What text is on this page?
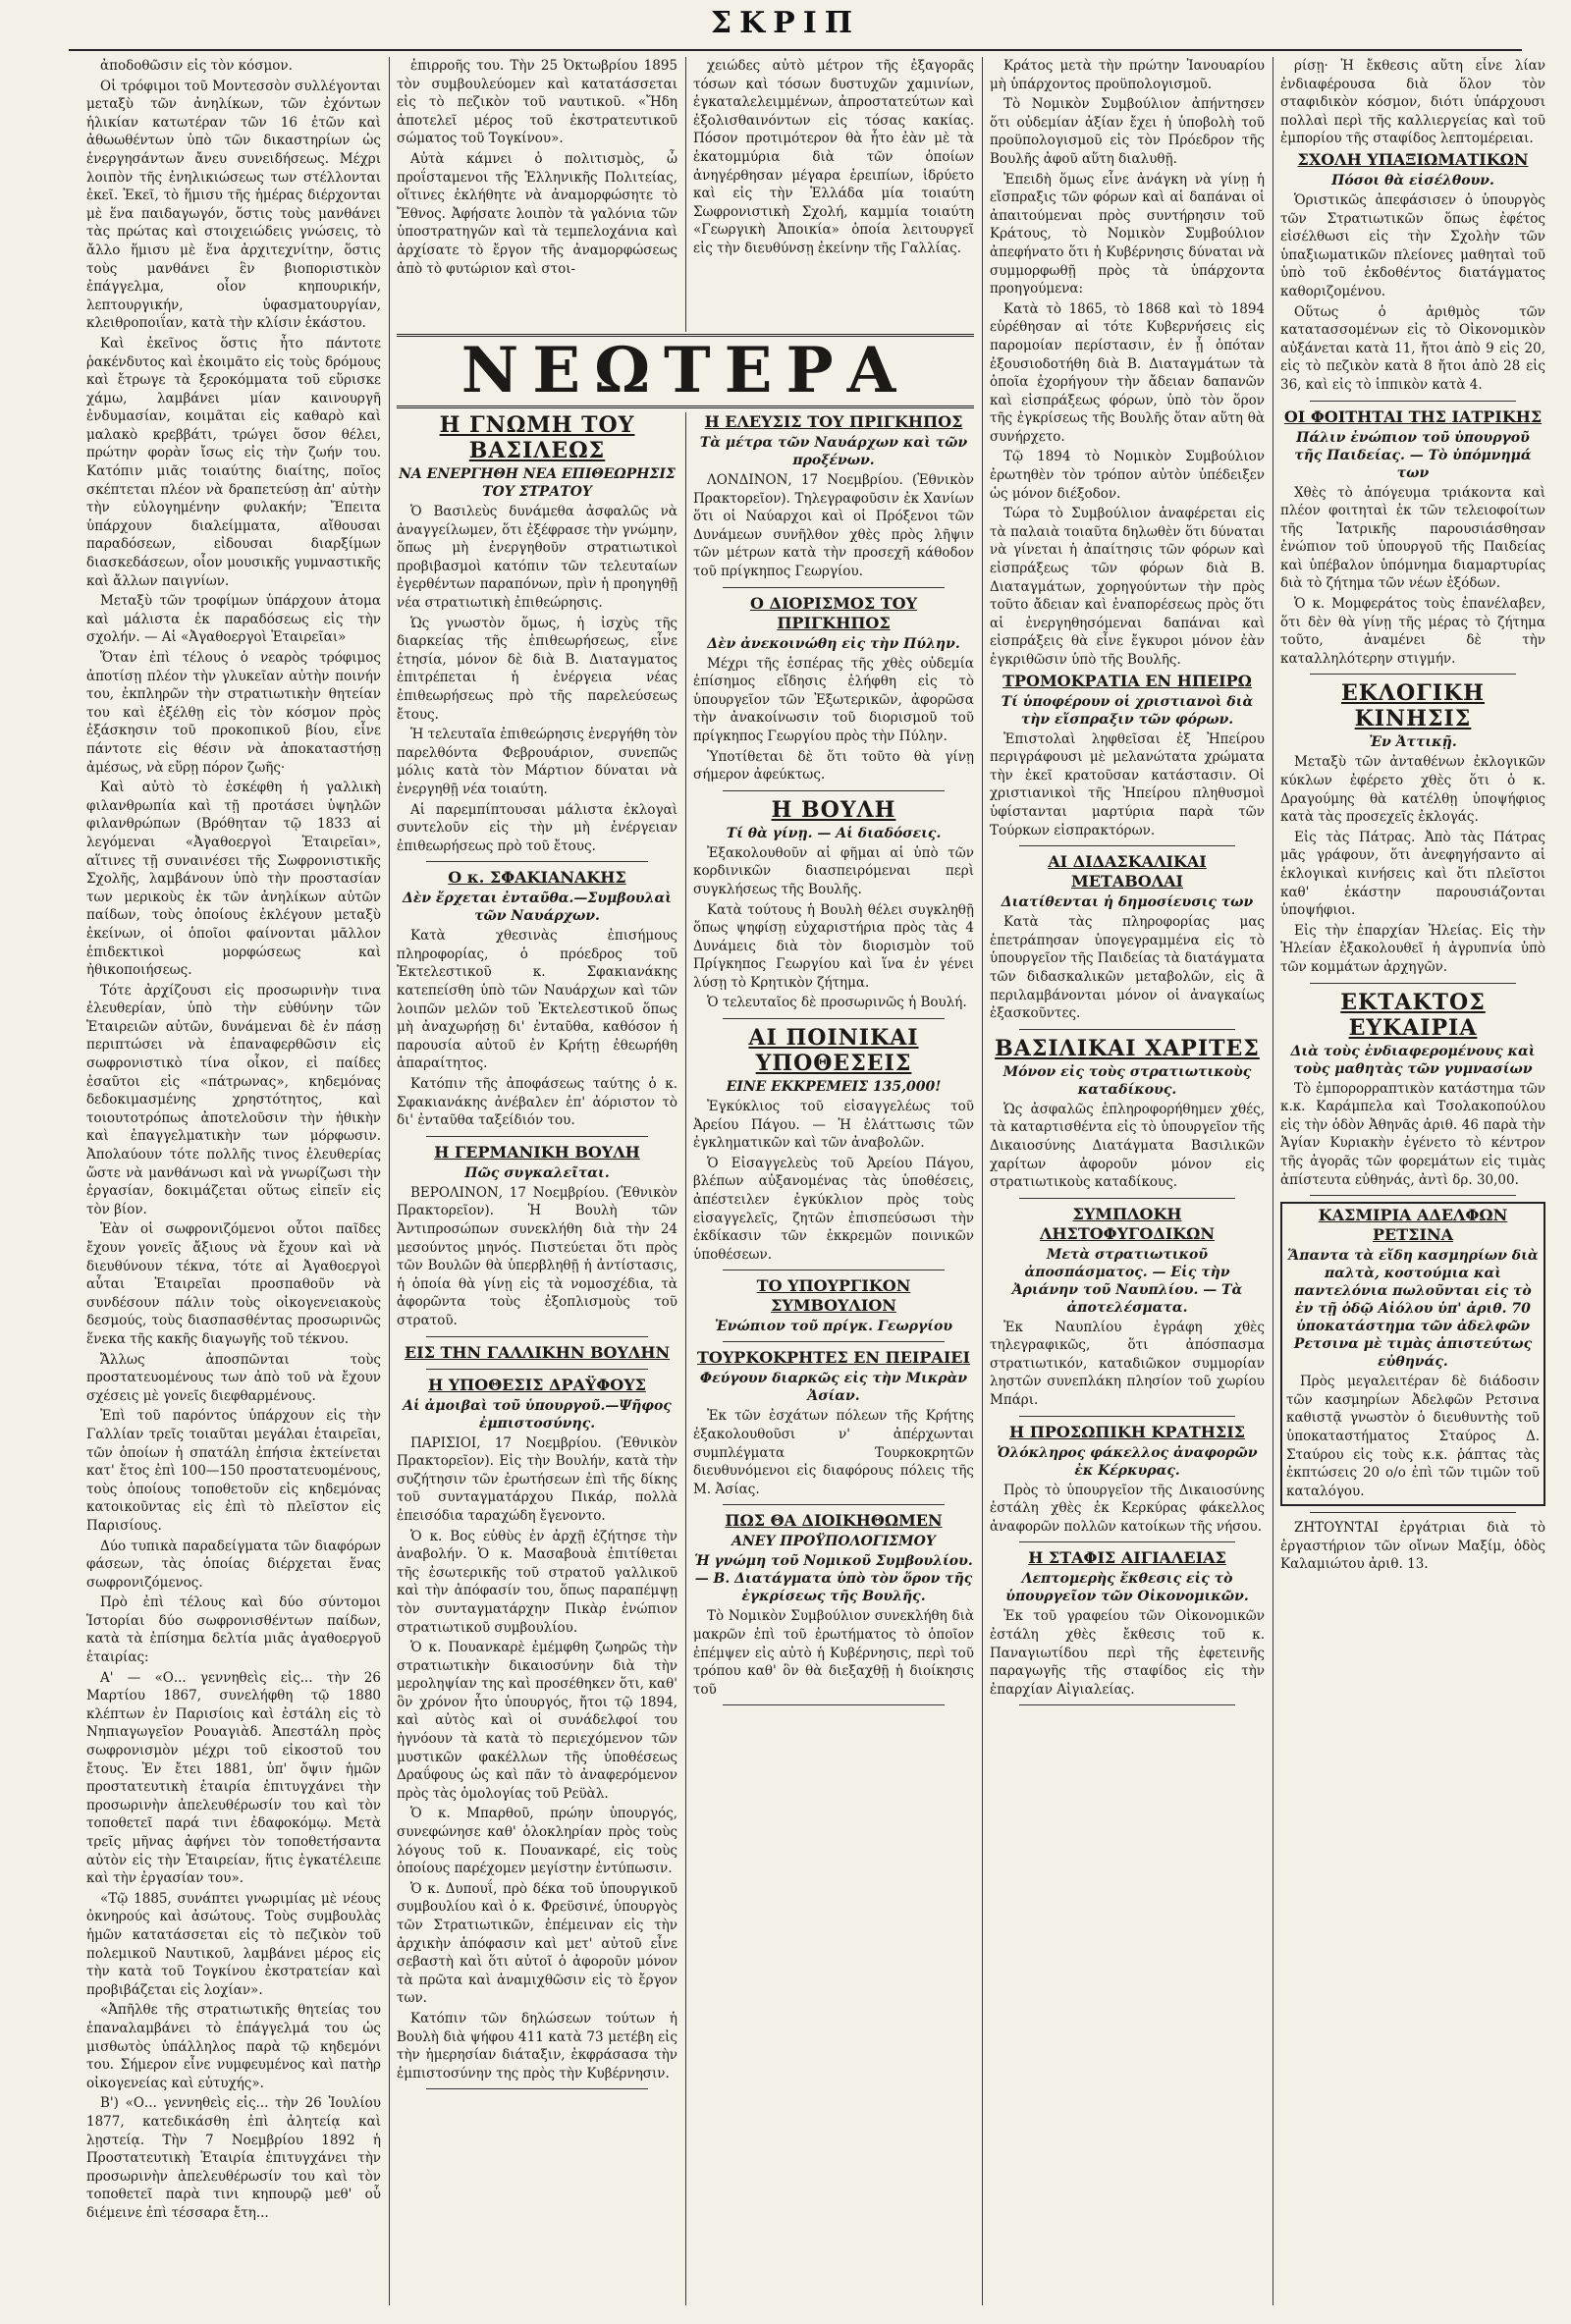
ΣΚΡΙΠ

ἀποδοθῶσιν εἰς τὸν κόσμον.

Οἱ τρόφιμοι τοῦ Μοντεσσὸν συλλέγονται μεταξὺ τῶν ἀνηλίκων, τῶν ἐχόντων ἡλικίαν κατωτέραν τῶν 16 ἐτῶν καὶ ἀθωωθέντων ὑπὸ τῶν δικαστηρίων ὡς ἐνεργησάντων ἄνευ συνειδήσεως. Μέχρι λοιπὸν τῆς ἐνηλικιώσεως των στέλλονται ἐκεῖ. Ἐκεῖ, τὸ ἥμισυ τῆς ἡμέρας διέρχονται μὲ ἕνα παιδαγωγόν, ὅστις τοὺς μανθάνει τὰς πρώτας καὶ στοιχειώδεις γνώσεις, τὸ ἄλλο ἥμισυ μὲ ἕνα ἀρχιτεχνίτην, ὅστις τοὺς μανθάνει ἓν βιοποριστικὸν ἐπάγγελμα, οἷον κηπουρικήν, λεπτουργικήν, ὑφασματουργίαν, κλειθροποιΐαν, κατὰ τὴν κλίσιν ἑκάστου.

Καὶ ἐκεῖνος ὅστις ἦτο πάντοτε ῥακένδυτος καὶ ἐκοιμᾶτο εἰς τοὺς δρόμους καὶ ἔτρωγε τὰ ξεροκόμματα τοῦ εὕρισκε χάμω, λαμβάνει μίαν καινουργῆ ἐνδυμασίαν, κοιμᾶται εἰς καθαρὸ καὶ μαλακὸ κρεββάτι, τρώγει ὅσον θέλει, πρώτην φορὰν ἴσως εἰς τὴν ζωήν του. Κατόπιν μιᾶς τοιαύτης διαίτης, ποῖος σκέπτεται πλέον νὰ δραπετεύσῃ ἀπ' αὐτὴν τὴν εὐλογημένην φυλακήν; Ἔπειτα ὑπάρχουν διαλείμματα, αἴθουσαι παραδόσεων, εἰδουσαι διαρξίμων διασκεδάσεων, οἷον μουσικῆς γυμναστικῆς καὶ ἄλλων παιγνίων.

Μεταξὺ τῶν τροφίμων ὑπάρχουν ἀτομα καὶ μάλιστα ἐκ παραδόσεως εἰς τὴν σχολήν. — Αἱ «Ἀγαθοεργοὶ Ἑταιρεῖαι»

Ὅταν ἐπὶ τέλους ὁ νεαρὸς τρόφιμος ἀποτίσῃ πλέον τὴν γλυκεῖαν αὐτὴν ποινήν του, ἐκπληρῶν τὴν στρατιωτικὴν θητείαν του καὶ ἐξέλθῃ εἰς τὸν κόσμον πρὸς ἐξάσκησιν τοῦ προκοπικοῦ βίου, εἶνε πάντοτε εἰς θέσιν νὰ ἀποκαταστήσῃ ἀμέσως, νὰ εὕρῃ πόρον ζωῆς·

Καὶ αὐτὸ τὸ ἐσκέφθη ἡ γαλλικὴ φιλανθρωπία καὶ τῇ προτάσει ὑψηλῶν φιλανθρώπων (Βρόθηταν τῷ 1833 αἱ λεγόμεναι «Ἀγαθοεργοὶ Ἑταιρεῖαι», αἵτινες τῇ συναινέσει τῆς Σωφρονιστικῆς Σχολῆς, λαμβάνουν ὑπὸ τὴν προστασίαν των μερικοὺς ἐκ τῶν ἀνηλίκων αὐτῶν παίδων, τοὺς ὁποίους ἐκλέγουν μεταξὺ ἐκείνων, οἱ ὁποῖοι φαίνονται μᾶλλον ἐπιδεκτικοὶ μορφώσεως καὶ ἠθικοποιήσεως.

Τότε ἀρχίζουσι εἰς προσωρινὴν τινα ἐλευθερίαν, ὑπὸ τὴν εὐθύνην τῶν Ἑταιρειῶν αὐτῶν, δυνάμεναι δὲ ἐν πάσῃ περιπτώσει νὰ ἐπαναφερθῶσιν εἰς σωφρονιστικὸ τίνα οἶκον, εἰ παίδες ἐσαῦτοι εἰς «πάτρωνας», κηδεμόνας δεδοκιμασμένης χρηστότητος, καὶ τοιουτοτρόπως ἀποτελοῦσιν τὴν ἠθικὴν καὶ ἐπαγγελματικὴν των μόρφωσιν. Ἀπολαύουν τότε πολλῆς τινος ἐλευθερίας ὥστε νὰ μανθάνωσι καὶ νὰ γνωρίζωσι τὴν ἐργασίαν, δοκιμάζεται οὕτως εἰπεῖν εἰς τὸν βίον.

Ἐὰν οἱ σωφρονιζόμενοι οὗτοι παῖδες ἔχουν γονεῖς ἄξιους νὰ ἔχουν καὶ νὰ διευθύνουν τέκνα, τότε αἱ Ἀγαθοεργοὶ αὗται Ἑταιρεῖαι προσπαθοῦν νὰ συνδέσουν πάλιν τοὺς οἰκογενειακοὺς δεσμούς, τοὺς διασπασθέντας προσωρινῶς ἕνεκα τῆς κακῆς διαγωγῆς τοῦ τέκνου.

Ἄλλως ἀποσπῶνται τοὺς προστατευομένους των ἀπὸ τοῦ νὰ ἔχουν σχέσεις μὲ γονεῖς διεφθαρμένους.

Ἐπὶ τοῦ παρόντος ὑπάρχουν εἰς τὴν Γαλλίαν τρεῖς τοιαῦται μεγάλαι ἑταιρεῖαι, τῶν ὁποίων ἡ σπατάλη ἐπήσια ἐκτείνεται κατ' ἔτος ἐπὶ 100—150 προστατευομένους, τοὺς ὁποίους τοποθετοῦν εἰς κηδεμόνας κατοικοῦντας εἰς ἐπὶ τὸ πλεῖστον εἰς Παρισίους.

Δύο τυπικὰ παραδείγματα τῶν διαφόρων φάσεων, τὰς ὁποίας διέρχεται ἕνας σωφρονιζόμενος.

Πρὸ ἐπὶ τέλους καὶ δύο σύντομοι Ἱστορίαι δύο σωφρονισθέντων παίδων, κατὰ τὰ ἐπίσημα δελτία μιᾶς ἀγαθοεργοῦ ἑταιρίας:

Α' — «Ο... γεννηθεὶς εἰς... τὴν 26 Μαρτίου 1867, συνελήφθη τῷ 1880 κλέπτων ἐν Παρισίοις καὶ ἐστάλη εἰς τὸ Νηπιαγωγεῖον Ρουαγιὰδ. Ἀπεστάλη πρὸς σωφρονισμὸν μέχρι τοῦ εἰκοστοῦ του ἔτους. Ἐν ἔτει 1881, ὑπ' ὄψιν ἡμῶν προστατευτικὴ ἑταιρία ἐπιτυγχάνει τὴν προσωρινὴν ἀπελευθέρωσίν του καὶ τὸν τοποθετεῖ παρά τινι ἐδαφοκόμῳ. Μετὰ τρεῖς μῆνας ἀφήνει τὸν τοποθετήσαντα αὐτὸν εἰς τὴν Ἑταιρείαν, ἥτις ἐγκατέλειπε καὶ τὴν ἐργασίαν του».

«Τῷ 1885, συνάπτει γνωριμίας μὲ νέους ὀκνηρούς καὶ ἀσώτους. Τοὺς συμβουλὰς ἡμῶν κατατάσσεται εἰς τὸ πεζικὸν τοῦ πολεμικοῦ Ναυτικοῦ, λαμβάνει μέρος εἰς τὴν κατὰ τοῦ Τογκίνου ἐκστρατείαν καὶ προβιβάζεται εἰς λοχίαν».

«Ἀπῆλθε τῆς στρατιωτικῆς θητείας του ἐπαναλαμβάνει τὸ ἐπάγγελμά του ὡς μισθωτὸς ὑπάλληλος παρὰ τῷ κηδεμόνι του. Σήμερον εἶνε νυμφευμένος καὶ πατὴρ οἰκογενείας καὶ εὐτυχής».

Β') «Ο... γεννηθεὶς εἰς... τὴν 26 Ἰουλίου 1877, κατεδικάσθη ἐπὶ ἀλητείᾳ καὶ λῃστείᾳ. Τὴν 7 Νοεμβρίου 1892 ἡ Προστατευτικὴ Ἑταιρία ἐπιτυγχάνει τὴν προσωρινὴν ἀπελευθέρωσίν του καὶ τὸν τοποθετεῖ παρὰ τινι κηπουρῷ μεθ' οὗ διέμεινε ἐπὶ τέσσαρα ἔτη...

ἐπιρροῆς του. Τὴν 25 Ὀκτωβρίου 1895 τὸν συμβουλεύομεν καὶ κατατάσσεται εἰς τὸ πεζικὸν τοῦ ναυτικοῦ. «Ἤδη ἀποτελεῖ μέρος τοῦ ἐκστρατευτικοῦ σώματος τοῦ Τογκίνου».

Αὐτὰ κάμνει ὁ πολιτισμὸς, ὦ προΐσταμενοι τῆς Ἑλληνικῆς Πολιτείας, οἵτινες ἐκλήθητε νὰ ἀναμορφώσητε τὸ Ἔθνος. Ἀφήσατε λοιπὸν τὰ γαλόνια τῶν ὑποστρατηγῶν καὶ τὰ τεμπελοχάνια καὶ ἀρχίσατε τὸ ἔργον τῆς ἀναμορφώσεως ἀπὸ τὸ φυτώριον καὶ στοι-

χειώδες αὐτὸ μέτρον τῆς ἐξαγορᾶς τόσων καὶ τόσων δυστυχῶν χαμινίων, ἐγκαταλελειμμένων, ἀπροστατεύτων καὶ ἐξολισθαινόντων εἰς τόσας κακίας. Πόσον προτιμότερον θὰ ἦτο ἐὰν μὲ τὰ ἑκατομμύρια διὰ τῶν ὁποίων ἀνηγέρθησαν μέγαρα ἐρειπίων, ἱδρύετο καὶ εἰς τὴν Ἑλλάδα μία τοιαύτη Σωφρονιστικὴ Σχολή, καμμία τοιαύτη «Γεωργικὴ Ἀποικία» ὁποία λειτουργεῖ εἰς τὴν διευθύνσῃ ἐκείνην τῆς Γαλλίας.

ΝΕΩΤΕΡΑ

Η ΓΝΩΜΗ ΤΟΥ ΒΑΣΙΛΕΩΣ

ΝΑ ΕΝΕΡΓΗΘΗ ΝΕΑ ΕΠΙΘΕΩΡΗΣΙΣ ΤΟΥ ΣΤΡΑΤΟΥ

Ὁ Βασιλεὺς δυνάμεθα ἀσφαλῶς νὰ ἀναγγείλωμεν, ὅτι ἐξέφρασε τὴν γνώμην, ὅπως μὴ ἐνεργηθοῦν στρατιωτικοὶ προβιβασμοὶ κατόπιν τῶν τελευταίων ἐγερθέντων παραπόνων, πρὶν ἡ προηγηθῇ νέα στρατιωτικὴ ἐπιθεώρησις.

Ὡς γνωστὸν ὅμως, ἡ ἰσχὺς τῆς διαρκείας τῆς ἐπιθεωρήσεως, εἶνε ἐτησία, μόνον δὲ διὰ Β. Διαταγματος ἐπιτρέπεται ἡ ἐνέργεια νέας ἐπιθεωρήσεως πρὸ τῆς παρελεύσεως ἔτους.

Ἡ τελευταῖα ἐπιθεώρησις ἐνεργήθη τὸν παρελθόντα Φεβρουάριον, συνεπῶς μόλις κατὰ τὸν Μάρτιον δύναται νὰ ἐνεργηθῇ νέα τοιαύτη.

Αἱ παρεμπίπτουσαι μάλιστα ἐκλογαὶ συντελοῦν εἰς τὴν μὴ ἐνέργειαν ἐπιθεωρήσεως πρὸ τοῦ ἔτους.

Ο κ. ΣΦΑΚΙΑΝΑΚΗΣ

Δὲν ἔρχεται ἐνταῦθα.—Συμβουλαὶ τῶν Ναυάρχων.

Κατὰ χθεσινὰς ἐπισήμους πληροφορίας, ὁ πρόεδρος τοῦ Ἐκτελεστικοῦ κ. Σφακιανάκης κατεπείσθη ὑπὸ τῶν Ναυάρχων καὶ τῶν λοιπῶν μελῶν τοῦ Ἐκτελεστικοῦ ὅπως μὴ ἀναχωρήσῃ δι' ἐνταῦθα, καθόσον ἡ παρουσία αὐτοῦ ἐν Κρήτῃ ἐθεωρήθη ἀπαραίτητος.

Κατόπιν τῆς ἀποφάσεως ταύτης ὁ κ. Σφακιανάκης ἀνέβαλεν ἐπ' ἀόριστον τὸ δι' ἐνταῦθα ταξείδιόν του.

Η ΓΕΡΜΑΝΙΚΗ ΒΟΥΛΗ

Πῶς συγκαλεῖται.

ΒΕΡΟΛΙΝΟΝ, 17 Νοεμβρίου. (Ἑθνικὸν Πρακτορεῖον). Ἡ Βουλὴ τῶν Ἀντιπροσώπων συνεκλήθη διὰ τὴν 24 μεσούντος μηνός. Πιστεύεται ὅτι πρὸς τῶν Βουλῶν θὰ ὑπερβληθῇ ἡ ἀντίστασις, ἡ ὁποία θὰ γίνῃ εἰς τὰ νομοσχέδια, τὰ ἀφορῶντα τοὺς ἐξοπλισμοὺς τοῦ στρατοῦ.

ΕΙΣ ΤΗΝ ΓΑΛΛΙΚΗΝ ΒΟΥΛΗΝ

Η ΥΠΟΘΕΣΙΣ ΔΡΑΫΦΟΥΣ

Αἱ ἀμοιβαὶ τοῦ ὑπουργοῦ.—Ψῆφος ἐμπιστοσύνης.

ΠΑΡΙΣΙΟΙ, 17 Νοεμβρίου. (Ἑθνικὸν Πρακτορεῖον). Εἰς τὴν Βουλήν, κατὰ τὴν συζήτησιν τῶν ἐρωτήσεων ἐπὶ τῆς δίκης τοῦ συνταγματάρχου Πικάρ, πολλὰ ἐπεισόδια ταραχώδη ἔγενοντο.

Ὁ κ. Βος εὑθὺς ἐν ἀρχῇ ἐζήτησε τὴν ἀναβολήν. Ὁ κ. Μασαβουὰ ἐπιτίθεται τῆς ἐσωτερικῆς τοῦ στρατοῦ γαλλικοῦ καὶ τὴν ἀπόφασίν του, ὅπως παραπέμψῃ τὸν συνταγματάρχην Πικὰρ ἐνώπιον στρατιωτικοῦ συμβουλίου.

Ὁ κ. Πουανκαρὲ ἐμέμφθη ζωηρῶς τὴν στρατιωτικὴν δικαιοσύνην διὰ τὴν μεροληψίαν της καὶ προσέθηκεν ὅτι, καθ' ὃν χρόνον ἦτο ὑπουργός, ἤτοι τῷ 1894, καὶ αὐτὸς καὶ οἱ συνάδελφοί του ἠγνόουν τὰ κατὰ τὸ περιεχόμενον τῶν μυστικῶν φακέλλων τῆς ὑποθέσεως Δραΰφους ὡς καὶ πᾶν τὸ ἀναφερόμενον πρὸς τὰς ὁμολογίας τοῦ Ρεϋὰλ.

Ὁ κ. Μπαρθοῦ, πρώην ὑπουργός, συνεφώνησε καθ' ὁλοκληρίαν πρὸς τοὺς λόγους τοῦ κ. Πουανκαρέ, εἰς τοὺς ὁποίους παρέχομεν μεγίστην ἐντύπωσιν.

Ὁ κ. Δυπουΐ, πρὸ δέκα τοῦ ὑπουργικοῦ συμβουλίου καὶ ὁ κ. Φρεϋσινέ, ὑπουργὸς τῶν Στρατιωτικῶν, ἐπέμειναν εἰς τὴν ἀρχικὴν ἀπόφασιν καὶ μετ' αὐτοῦ εἶνε σεβαστὴ καὶ ὅτι αὐτοῖ ὁ ἀφοροῦν μόνον τὰ πρῶτα καὶ ἀναμιχθῶσιν εἰς τὸ ἔργον των.

Κατόπιν τῶν δηλώσεων τούτων ἡ Βουλὴ διὰ ψήφου 411 κατὰ 73 μετέβη εἰς τὴν ἡμερησίαν διάταξιν, ἐκφράσασα τὴν ἐμπιστοσύνην της πρὸς τὴν Κυβέρνησιν.

Η ΕΛΕΥΣΙΣ ΤΟΥ ΠΡΙΓΚΗΠΟΣ

Τὰ μέτρα τῶν Ναυάρχων καὶ τῶν προξένων.

ΛΟΝΔΙΝΟΝ, 17 Νοεμβρίου. (Ἑθνικὸν Πρακτορεῖον). Τηλεγραφοῦσιν ἐκ Χανίων ὅτι οἱ Ναύαρχοι καὶ οἱ Πρόξενοι τῶν Δυνάμεων συνῆλθον χθὲς πρὸς λῆψιν τῶν μέτρων κατὰ τὴν προσεχῆ κάθοδον τοῦ πρίγκηπος Γεωργίου.

Ο ΔΙΟΡΙΣΜΟΣ ΤΟΥ ΠΡΙΓΚΗΠΟΣ

Δὲν ἀνεκοινώθη εἰς τὴν Πύλην.

Μέχρι τῆς ἑσπέρας τῆς χθὲς οὐδεμία ἐπίσημος εἴδησις ἐλήφθη εἰς τὸ ὑπουργεῖον τῶν Ἐξωτερικῶν, ἀφορῶσα τὴν ἀνακοίνωσιν τοῦ διορισμοῦ τοῦ πρίγκηπος Γεωργίου πρὸς τὴν Πύλην.

Ὑποτίθεται δὲ ὅτι τοῦτο θὰ γίνῃ σήμερον ἀφεύκτως.

Η ΒΟΥΛΗ

Τί θὰ γίνῃ. — Αἱ διαδόσεις.

Ἐξακολουθοῦν αἱ φῆμαι αἱ ὑπὸ τῶν κορδινικῶν διασπειρόμεναι περὶ συγκλήσεως τῆς Βουλῆς.

Κατὰ τούτους ἡ Βουλὴ θέλει συγκληθῇ ὅπως ψηφίσῃ εὐχαριστήρια πρὸς τὰς 4 Δυνάμεις διὰ τὸν διορισμὸν τοῦ Πρίγκηπος Γεωργίου καὶ ἵνα ἐν γένει λύσῃ τὸ Κρητικὸν ζήτημα.

Ὁ τελευταῖος δὲ προσωρινῶς ἡ Βουλή.

ΑΙ ΠΟΙΝΙΚΑΙ ΥΠΟΘΕΣΕΙΣ

ΕΙΝΕ ΕΚΚΡΕΜΕΙΣ 135,000!

Ἐγκύκλιος τοῦ εἰσαγγελέως τοῦ Ἀρείου Πάγου. — Ἡ ἐλάττωσις τῶν ἐγκληματικῶν καὶ τῶν ἀναβολῶν.

Ὁ Εἰσαγγελεὺς τοῦ Ἀρείου Πάγου, βλέπων αὐξανομένας τὰς ὑποθέσεις, ἀπέστειλεν ἐγκύκλιον πρὸς τοὺς εἰσαγγελεῖς, ζητῶν ἐπισπεύσωσι τὴν ἐκδίκασιν τῶν ἐκκρεμῶν ποινικῶν ὑποθέσεων.

ΤΟ ΥΠΟΥΡΓΙΚΟΝ ΣΥΜΒΟΥΛΙΟΝ

Ἐνώπιον τοῦ πρίγκ. Γεωργίου

ΤΟΥΡΚΟΚΡΗΤΕΣ ΕΝ ΠΕΙΡΑΙΕΙ

Φεύγουν διαρκῶς εἰς τὴν Μικρὰν Ἀσίαν.

Ἐκ τῶν ἐσχάτων πόλεων τῆς Κρήτης ἐξακολουθοῦσι ν' ἀπέρχωνται συμπλέγματα Τουρκοκρητῶν διευθυνόμενοι εἰς διαφόρους πόλεις τῆς Μ. Ἀσίας.

ΠΩΣ ΘΑ ΔΙΟΙΚΗΘΩΜΕΝ

ΑΝΕΥ ΠΡΟΫΠΟΛΟΓΙΣΜΟΥ

Ἡ γνώμη τοῦ Νομικοῦ Συμβουλίου. — Β. Διατάγματα ὑπὸ τὸν ὅρον τῆς ἐγκρίσεως τῆς Βουλῆς.

Τὸ Νομικὸν Συμβούλιον συνεκλήθη διὰ μακρῶν ἐπὶ τοῦ ἐρωτήματος τὸ ὁποῖον ἐπέμψεν εἰς αὐτὸ ἡ Κυβέρνησις, περὶ τοῦ τρόπου καθ' ὃν θὰ διεξαχθῇ ἡ διοίκησις τοῦ

Κράτος μετὰ τὴν πρώτην Ἰανουαρίου μὴ ὑπάρχοντος προϋπολογισμοῦ.

Τὸ Νομικὸν Συμβούλιον ἀπήντησεν ὅτι οὐδεμίαν ἀξίαν ἔχει ἡ ὑποβολὴ τοῦ προϋπολογισμοῦ εἰς τὸν Πρόεδρον τῆς Βουλῆς ἀφοῦ αὕτη διαλυθῇ.

Ἐπειδὴ ὅμως εἶνε ἀνάγκη νὰ γίνῃ ἡ εἴσπραξις τῶν φόρων καὶ αἱ δαπάναι οἱ ἀπαιτούμεναι πρὸς συντήρησιν τοῦ Κράτους, τὸ Νομικὸν Συμβούλιον ἀπεφήνατο ὅτι ἡ Κυβέρνησις δύναται νὰ συμμορφωθῇ πρὸς τὰ ὑπάρχοντα προηγούμενα:

Κατὰ τὸ 1865, τὸ 1868 καὶ τὸ 1894 εὑρέθησαν αἱ τότε Κυβερνήσεις εἰς παρομοίαν περίστασιν, ἐν ᾗ ὁπόταν ἐξουσιοδοτήθη διὰ Β. Διαταγμάτων τὰ ὁποῖα ἐχορήγουν τὴν ἄδειαν δαπανῶν καὶ εἰσπράξεως φόρων, ὑπὸ τὸν ὅρον τῆς ἐγκρίσεως τῆς Βουλῆς ὅταν αὕτη θὰ συνήρχετο.

Τῷ 1894 τὸ Νομικὸν Συμβούλιον ἐρωτηθὲν τὸν τρόπον αὐτὸν ὑπέδειξεν ὡς μόνον διέξοδον.

Τώρα τὸ Συμβούλιον ἀναφέρεται εἰς τὰ παλαιὰ τοιαῦτα δηλωθὲν ὅτι δύναται νὰ γίνεται ἡ ἀπαίτησις τῶν φόρων καὶ εἰσπράξεως τῶν φόρων διὰ Β. Διαταγμάτων, χορηγούντων τὴν πρὸς τοῦτο ἄδειαν καὶ ἐναπορέσεως πρὸς ὅτι αἱ ἐνεργηθησόμεναι δαπάναι καὶ εἰσπράξεις θὰ εἶνε ἔγκυροι μόνον ἐὰν ἐγκριθῶσιν ὑπὸ τῆς Βουλῆς.

ΤΡΟΜΟΚΡΑΤΙΑ ΕΝ ΗΠΕΙΡΩ

Τί ὑποφέρουν οἱ χριστιανοὶ διὰ τὴν εἴσπραξιν τῶν φόρων.

Ἐπιστολαὶ ληφθεῖσαι ἐξ Ἠπείρου περιγράφουσι μὲ μελανώτατα χρώματα τὴν ἐκεῖ κρατοῦσαν κατάστασιν. Οἱ χριστιανικοὶ τῆς Ἠπείρου πληθυσμοὶ ὑφίστανται μαρτύρια παρὰ τῶν Τούρκων εἰσπρακτόρων.

ΑΙ ΔΙΔΑΣΚΑΛΙΚΑΙ ΜΕΤΑΒΟΛΑΙ

Διατίθενται ἡ δημοσίευσις των

Κατὰ τὰς πληροφορίας μας ἑπετράπησαν ὑπογεγραμμένα εἰς τὸ ὑπουργεῖον τῆς Παιδείας τὰ διατάγματα τῶν διδασκαλικῶν μεταβολῶν, εἰς ἃ περιλαμβάνονται μόνον οἱ ἀναγκαίως ἐξασκοῦντες.

ΒΑΣΙΛΙΚΑΙ ΧΑΡΙΤΕΣ

Μόνον εἰς τοὺς στρατιωτικοὺς καταδίκους.

Ὡς ἀσφαλῶς ἐπληροφορήθημεν χθές, τὰ καταρτισθέντα εἰς τὸ ὑπουργεῖον τῆς Δικαιοσύνης Διατάγματα Βασιλικῶν χαρίτων ἀφοροῦν μόνον εἰς στρατιωτικοὺς καταδίκους.

ΣΥΜΠΛΟΚΗ ΛΗΣΤΟΦΥΓΟΔΙΚΩΝ

Μετὰ στρατιωτικοῦ ἀποσπάσματος. — Εἰς τὴν Ἀριάνην τοῦ Ναυπλίου. — Τὰ ἀποτελέσματα.

Ἐκ Ναυπλίου ἐγράφη χθὲς τηλεγραφικῶς, ὅτι ἀπόσπασμα στρατιωτικόν, καταδιῶκον συμμορίαν ληστῶν συνεπλάκη πλησίον τοῦ χωρίου Μπάρι.

Η ΠΡΟΣΩΠΙΚΗ ΚΡΑΤΗΣΙΣ

Ὁλόκληρος φάκελλος ἀναφορῶν ἐκ Κέρκυρας.

Πρὸς τὸ ὑπουργεῖον τῆς Δικαιοσύνης ἐστάλη χθὲς ἐκ Κερκύρας φάκελλος ἀναφορῶν πολλῶν κατοίκων τῆς νήσου.

Η ΣΤΑΦΙΣ ΑΙΓΙΑΛΕΙΑΣ

Λεπτομερὴς ἔκθεσις εἰς τὸ ὑπουργεῖον τῶν Οἰκονομικῶν.

Ἐκ τοῦ γραφείου τῶν Οἰκονομικῶν ἐστάλη χθὲς ἔκθεσις τοῦ κ. Παναγιωτίδου περὶ τῆς ἐφετεινῆς παραγωγῆς τῆς σταφίδος εἰς τὴν ἐπαρχίαν Αἰγιαλείας.

ρίσῃ· Ἡ ἔκθεσις αὕτη εἶνε λίαν ἐνδιαφέρουσα διὰ ὅλον τὸν σταφιδικὸν κόσμον, διότι ὑπάρχουσι πολλαὶ περὶ τῆς καλλιεργείας καὶ τοῦ ἐμπορίου τῆς σταφίδος λεπτομέρειαι.

ΣΧΟΛΗ ΥΠΑΞΙΩΜΑΤΙΚΩΝ

Πόσοι θὰ εἰσέλθουν.

Ὁριστικῶς ἀπεφάσισεν ὁ ὑπουργὸς τῶν Στρατιωτικῶν ὅπως ἐφέτος εἰσέλθωσι εἰς τὴν Σχολὴν τῶν ὑπαξιωματικῶν πλείονες μαθηταὶ τοῦ ὑπὸ τοῦ ἐκδοθέντος διατάγματος καθοριζομένου.

Οὕτως ὁ ἀριθμὸς τῶν κατατασσομένων εἰς τὸ Οἰκονομικὸν αὐξάνεται κατὰ 11, ἤτοι ἀπὸ 9 εἰς 20, εἰς τὸ πεζικὸν κατὰ 8 ἤτοι ἀπὸ 28 εἰς 36, καὶ εἰς τὸ ἱππικὸν κατὰ 4.

ΟΙ ΦΟΙΤΗΤΑΙ ΤΗΣ ΙΑΤΡΙΚΗΣ

Πάλιν ἐνώπιον τοῦ ὑπουργοῦ τῆς Παιδείας. — Τὸ ὑπόμνημά των

Χθὲς τὸ ἀπόγευμα τριάκοντα καὶ πλέον φοιτηταὶ ἐκ τῶν τελειοφοίτων τῆς Ἰατρικῆς παρουσιάσθησαν ἐνώπιον τοῦ ὑπουργοῦ τῆς Παιδείας καὶ ὑπέβαλον ὑπόμνημα διαμαρτυρίας διὰ τὸ ζήτημα τῶν νέων ἐξόδων.

Ὁ κ. Μομφεράτος τοὺς ἐπανέλαβεν, ὅτι δὲν θὰ γίνῃ τῆς μέρας τὸ ζήτημα τοῦτο, ἀναμένει δὲ τὴν καταλληλότερην στιγμήν.

ΕΚΛΟΓΙΚΗ ΚΙΝΗΣΙΣ

Ἐν Ἀττικῇ.

Μεταξὺ τῶν ἀνταθένων ἐκλογικῶν κύκλων ἐφέρετο χθὲς ὅτι ὁ κ. Δραγούμης θὰ κατέλθῃ ὑποψήφιος κατὰ τὰς προσεχεῖς ἐκλογάς.

Εἰς τὰς Πάτρας. Ἀπὸ τὰς Πάτρας μᾶς γράφουν, ὅτι ἀνεφηγήσαντο αἱ ἐκλογικαὶ κινήσεις καὶ ὅτι πλεῖστοι καθ' ἑκάστην παρουσιάζονται ὑποψήφιοι.

Εἰς τὴν ἐπαρχίαν Ἠλείας. Εἰς τὴν Ἠλείαν ἐξακολουθεῖ ἡ ἀγρυπνία ὑπὸ τῶν κομμάτων ἀρχηγῶν.

ΕΚΤΑΚΤΟΣ ΕΥΚΑΙΡΙΑ

Διὰ τοὺς ἐνδιαφερομένους καὶ τοὺς μαθητὰς τῶν γυμνασίων

Τὸ ἐμπορορραπτικὸν κατάστημα τῶν κ.κ. Καράμπελα καὶ Τσολακοπούλου εἰς τὴν ὁδὸν Ἀθηνᾶς ἀριθ. 46 παρὰ τὴν Ἁγίαν Κυριακὴν ἐγένετο τὸ κέντρον τῆς ἀγορᾶς τῶν φορεμάτων εἰς τιμὰς ἀπίστευτα εὐθηνάς, ἀντὶ δρ. 30,00.

ΚΑΣΜΙΡΙΑ ΑΔΕΛΦΩΝ ΡΕΤΣΙΝΑ

Ἅπαντα τὰ εἴδη κασμηρίων διὰ παλτὰ, κοστούμια καὶ παντελόνια πωλοῦνται εἰς τὸ ἐν τῇ ὁδῷ Αἰόλου ὑπ' ἀριθ. 70 ὑποκατάστημα τῶν ἀδελφῶν Ρετσινα μὲ τιμὰς ἀπιστεύτως εὐθηνάς.

Πρὸς μεγαλειτέραν δὲ διάδοσιν τῶν κασμηρίων Ἀδελφῶν Ρετσινα καθιστᾷ γνωστὸν ὁ διευθυντὴς τοῦ ὑποκαταστήματος Σταύρος Δ. Σταύρου εἰς τοὺς κ.κ. ῥάπτας τὰς ἐκπτώσεις 20 ο/ο ἐπὶ τῶν τιμῶν τοῦ καταλόγου.

ΖΗΤΟΥΝΤΑΙ ἐργάτριαι διὰ τὸ ἐργαστήριον τῶν οἴνων Μαξίμ, ὁδὸς Καλαμιώτου ἀριθ. 13.
